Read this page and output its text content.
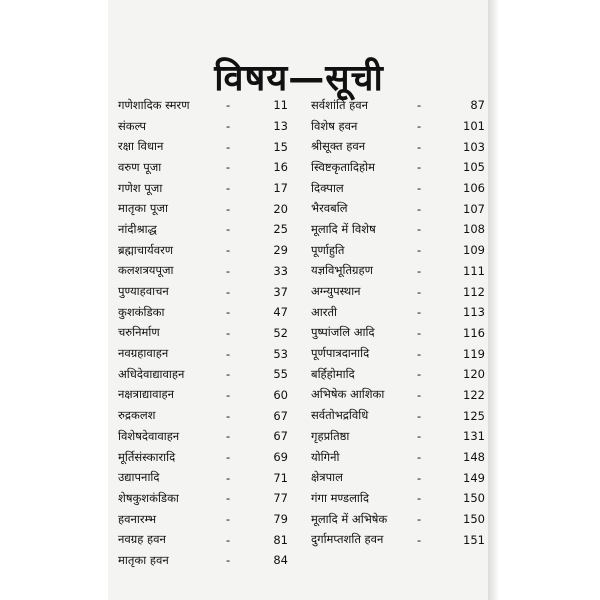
विषय—सूची
गणेशादिक स्मरण	-	11
संकल्प	-	13
रक्षा विधान	-	15
वरुण पूजा	-	16
गणेश पूजा	-	17
मातृका पूजा	-	20
नांदीश्राद्ध	-	25
ब्रह्माचार्यवरण	-	29
कलशत्रयपूजा	-	33
पुण्याहवाचन	-	37
कुशकंडिका	-	47
चरुनिर्माण	-	52
नवग्रहावाहन	-	53
अधिदेवाद्यावाहन	-	55
नक्षत्राद्यावाहन	-	60
रुद्रकलश	-	67
विशेषदेवावाहन	-	67
मूर्तिसंस्कारादि	-	69
उद्यापनादि	-	71
शेषकुशकंडिका	-	77
हवनारम्भ	-	79
नवग्रह हवन	-	81
मातृका हवन	-	84
सर्वशांति हवन	-	87
विशेष हवन	-	101
श्रीसूक्त हवन	-	103
स्विष्टकृतादिहोम	-	105
दिक्पाल	-	106
भैरवबलि	-	107
मूलादि में विशेष	-	108
पूर्णाहुति	-	109
यज्ञविभूतिग्रहण	-	111
अग्न्युपस्थान	-	112
आरती	-	113
पुष्पांजलि आदि	-	116
पूर्णपात्रदानादि	-	119
बर्हिहोमादि	-	120
अभिषेक आशिका	-	122
सर्वतोभद्रविधि	-	125
गृहप्रतिष्ठा	-	131
योगिनी	-	148
क्षेत्रपाल	-	149
गंगा मण्डलादि	-	150
मूलादि में अभिषेक	-	150
दुर्गामप्तशति हवन	-	151
